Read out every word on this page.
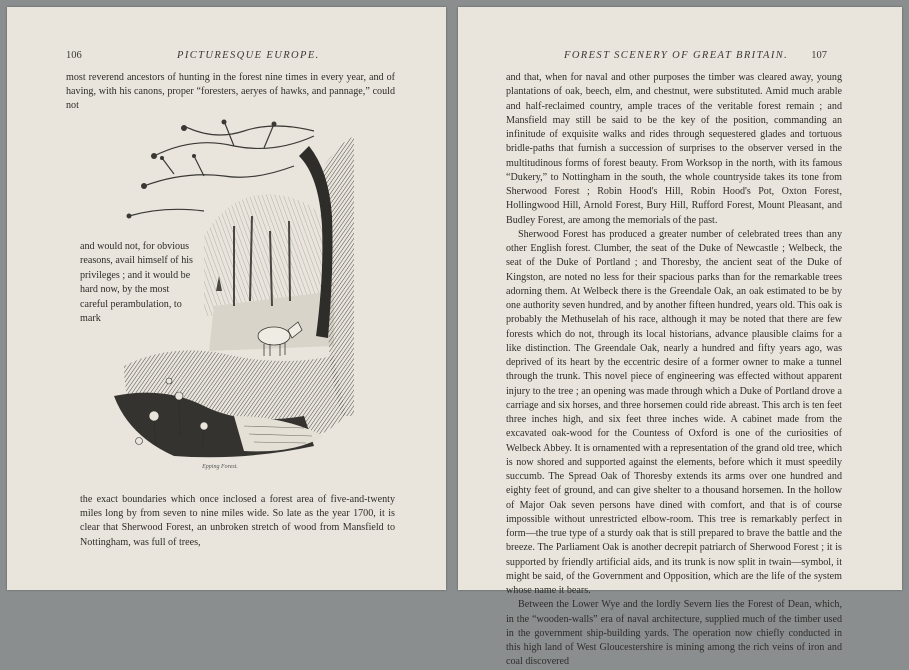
106	PICTURESQUE EUROPE.
most reverend ancestors of hunting in the forest nine times in every year, and of having, with his canons, proper “foresters, aeryes of hawks, and pannage,” could not
Epping Forest.
and would not, for obvious reasons, avail himself of his privileges ; and it would be hard now, by the most careful perambulation, to mark
the exact boundaries which once inclosed a forest area of five-and-twenty miles long by from seven to nine miles wide. So late as the year 1700, it is clear that Sherwood Forest, an unbroken stretch of wood from Mansfield to Nottingham, was full of trees,
FOREST SCENERY OF GREAT BRITAIN. 107

and that, when for naval and other purposes the timber was cleared away, young plantations of oak, beech, elm, and chestnut, were substituted. Amid much arable and half-reclaimed country, ample traces of the veritable forest remain ; and Mansfield may still be said to be the key of the position, commanding an infinitude of exquisite walks and rides through sequestered glades and tortuous bridle-paths that furnish a succession of surprises to the observer versed in the multitudinous forms of forest beauty. From Worksop in the north, with its famous “Dukery,” to Nottingham in the south, the whole countryside takes its tone from Sherwood Forest ; Robin Hood's Hill, Robin Hood's Pot, Oxton Forest, Hollingwood Hill, Arnold Forest, Bury Hill, Rufford Forest, Mount Pleasant, and Budley Forest, are among the memorials of the past.

Sherwood Forest has produced a greater number of celebrated trees than any other English forest. Clumber, the seat of the Duke of Newcastle ; Welbeck, the seat of the Duke of Portland ; and Thoresby, the ancient seat of the Duke of Kingston, are noted no less for their spacious parks than for the remarkable trees adorning them. At Welbeck there is the Greendale Oak, an oak estimated to be by one authority seven hundred, and by another fifteen hundred, years old. This oak is probably the Methuselah of his race, although it may be noted that there are few forests which do not, through its local historians, advance plausible claims for a like distinction. The Greendale Oak, nearly a hundred and fifty years ago, was deprived of its heart by the eccentric desire of a former owner to make a tunnel through the trunk. This novel piece of engineering was effected without apparent injury to the tree ; an opening was made through which a Duke of Portland drove a carriage and six horses, and three horsemen could ride abreast. This arch is ten feet three inches high, and six feet three inches wide. A cabinet made from the excavated oak-wood for the Countess of Oxford is one of the curiosities of Welbeck Abbey. It is ornamented with a representation of the grand old tree, which is now shored and supported against the elements, before which it must speedily succumb. The Spread Oak of Thoresby extends its arms over one hundred and eighty feet of ground, and can give shelter to a thousand horsemen. In the hollow of Major Oak seven persons have dined with comfort, and that is of course impossible without unrestricted elbow-room. This tree is remarkably perfect in form—the true type of a sturdy oak that is still prepared to brave the battle and the breeze. The Parliament Oak is another decrepit patriarch of Sherwood Forest ; it is supported by friendly artificial aids, and its trunk is now split in twain—symbol, it might be said, of the Government and Opposition, which are the life of the system whose name it bears.

Between the Lower Wye and the lordly Severn lies the Forest of Dean, which, in the “wooden-walls” era of naval architecture, supplied much of the timber used in the government ship-building yards. The operation now chiefly conducted in this high land of West Gloucestershire is mining among the rich veins of iron and coal discovered
